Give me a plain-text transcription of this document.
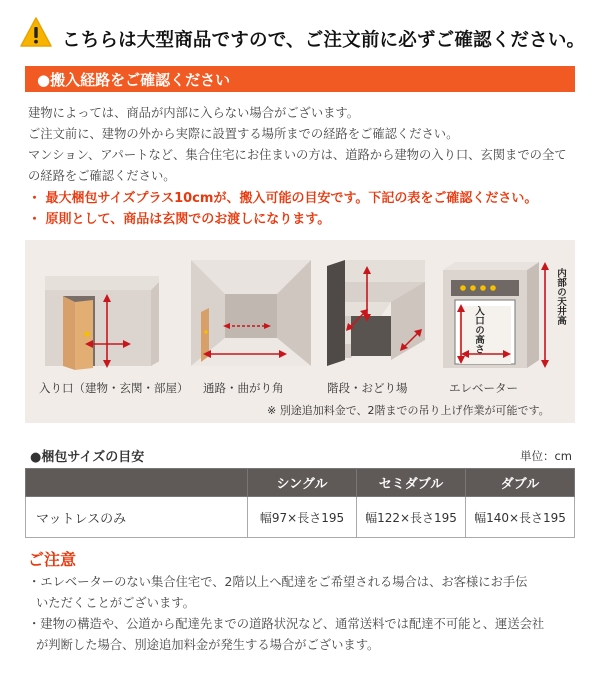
こちらは大型商品ですので、ご注文前に必ずご確認ください。
●搬入経路をご確認ください

建物によっては、商品が内部に入らない場合がございます。

ご注文前に、建物の外から実際に設置する場所までの経路をご確認ください。

マンション、アパートなど、集合住宅にお住まいの方は、道路から建物の入り口、玄関までの全て

の経路をご確認ください。

・ 最大梱包サイズプラス10cmが、搬入可能の目安です。下記の表をご確認ください。

・ 原則として、商品は玄関でのお渡しになります。

入り口（建物・玄関・部屋） 通路・曲がり角	階段・おどり場
入口の高さ
内部の天井高
エレベーター
※ 別途追加料金で、2階までの吊り上げ作業が可能です。
●梱包サイズの目安	単位：cm
	シングル	セミダブル	ダブル
マットレスのみ	幅97×長さ195	幅122×長さ195	幅140×長さ195
ご注意

・エレベーターのない集合住宅で、2階以上へ配達をご希望される場合は、お客様にお手伝

いただくことがございます。

・建物の構造や、公道から配達先までの道路状況など、通常送料では配達不可能と、運送会社

が判断した場合、別途追加料金が発生する場合がございます。
